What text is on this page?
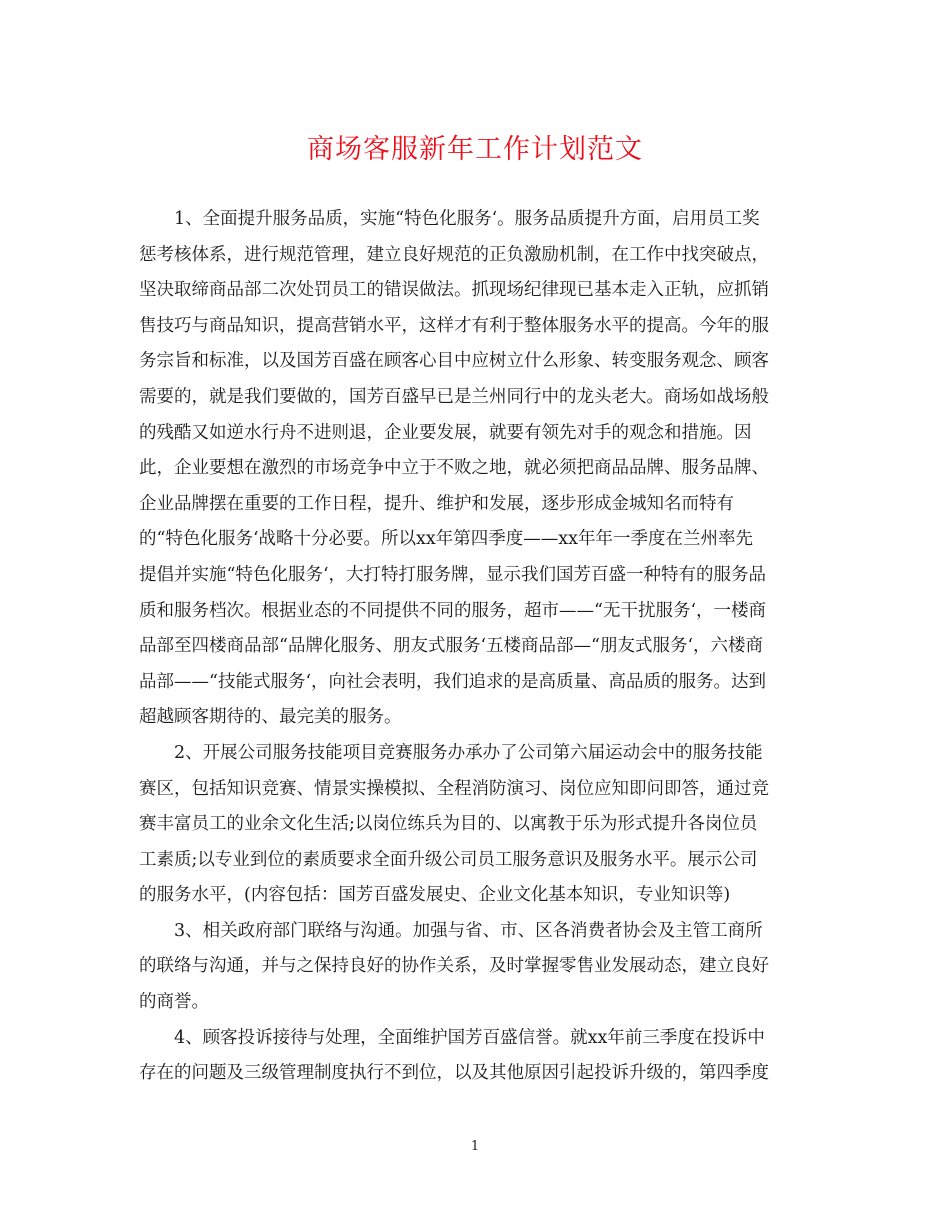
商场客服新年工作计划范文

1、全面提升服务品质，实施“特色化服务‘。服务品质提升方面，启用员工奖
惩考核体系，进行规范管理，建立良好规范的正负激励机制，在工作中找突破点，
坚决取缔商品部二次处罚员工的错误做法。抓现场纪律现已基本走入正轨，应抓销
售技巧与商品知识，提高营销水平，这样才有利于整体服务水平的提高。今年的服
务宗旨和标准，以及国芳百盛在顾客心目中应树立什么形象、转变服务观念、顾客
需要的，就是我们要做的，国芳百盛早已是兰州同行中的龙头老大。商场如战场般
的残酷又如逆水行舟不进则退，企业要发展，就要有领先对手的观念和措施。因
此，企业要想在激烈的市场竞争中立于不败之地，就必须把商品品牌、服务品牌、
企业品牌摆在重要的工作日程，提升、维护和发展，逐步形成金城知名而特有
的“特色化服务‘战略十分必要。所以xx年第四季度——xx年年一季度在兰州率先
提倡并实施“特色化服务‘，大打特打服务牌，显示我们国芳百盛一种特有的服务品
质和服务档次。根据业态的不同提供不同的服务，超市——“无干扰服务‘，一楼商
品部至四楼商品部“品牌化服务、朋友式服务‘五楼商品部—“朋友式服务‘，六楼商
品部——“技能式服务‘，向社会表明，我们追求的是高质量、高品质的服务。达到
超越顾客期待的、最完美的服务。

2、开展公司服务技能项目竞赛服务办承办了公司第六届运动会中的服务技能
赛区，包括知识竞赛、情景实操模拟、全程消防演习、岗位应知即问即答，通过竞
赛丰富员工的业余文化生活;以岗位练兵为目的、以寓教于乐为形式提升各岗位员
工素质;以专业到位的素质要求全面升级公司员工服务意识及服务水平。展示公司
的服务水平，(内容包括：国芳百盛发展史、企业文化基本知识，专业知识等)

3、相关政府部门联络与沟通。加强与省、市、区各消费者协会及主管工商所
的联络与沟通，并与之保持良好的协作关系，及时掌握零售业发展动态，建立良好
的商誉。

4、顾客投诉接待与处理，全面维护国芳百盛信誉。就xx年前三季度在投诉中
存在的问题及三级管理制度执行不到位，以及其他原因引起投诉升级的，第四季度

1
